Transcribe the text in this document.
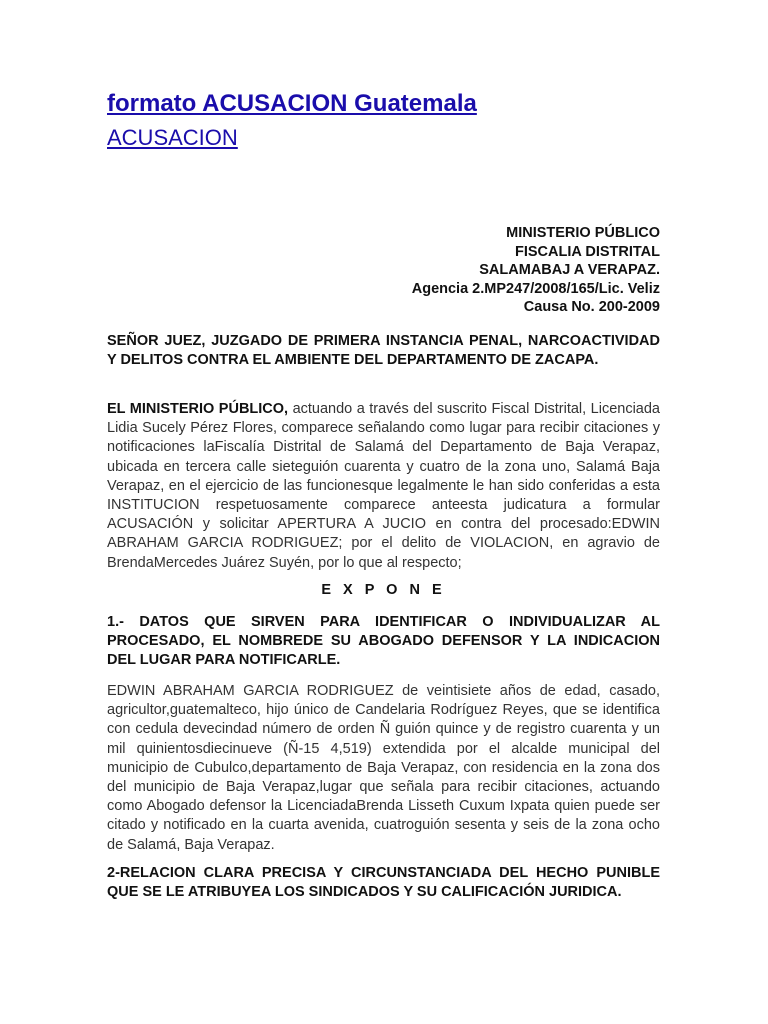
formato ACUSACION Guatemala
ACUSACION
MINISTERIO PÚBLICO
FISCALIA DISTRITAL
SALAMABAJ A VERAPAZ.
Agencia 2.MP247/2008/165/Lic. Veliz
Causa No. 200-2009
SEÑOR JUEZ, JUZGADO DE PRIMERA INSTANCIA PENAL, NARCOACTIVIDAD Y DELITOS CONTRA EL AMBIENTE DEL DEPARTAMENTO DE ZACAPA.
EL MINISTERIO PÚBLICO, actuando a través del suscrito Fiscal Distrital, Licenciada Lidia Sucely Pérez Flores, comparece señalando como lugar para recibir citaciones y notificaciones laFiscalía Distrital de Salamá del Departamento de Baja Verapaz, ubicada en tercera calle sieteguión cuarenta y cuatro de la zona uno, Salamá Baja Verapaz, en el ejercicio de las funcionesque legalmente le han sido conferidas a esta INSTITUCION respetuosamente comparece anteesta judicatura a formular ACUSACIÓN y solicitar APERTURA A JUCIO en contra del procesado:EDWIN ABRAHAM GARCIA RODRIGUEZ; por el delito de VIOLACION, en agravio de BrendaMercedes Juárez Suyén, por lo que al respecto;
E X P O N E
1.- DATOS QUE SIRVEN PARA IDENTIFICAR O INDIVIDUALIZAR AL PROCESADO, EL NOMBREDE SU ABOGADO DEFENSOR Y LA INDICACION DEL LUGAR PARA NOTIFICARLE.
EDWIN ABRAHAM GARCIA RODRIGUEZ de veintisiete años de edad, casado, agricultor,guatemalteco, hijo único de Candelaria Rodríguez Reyes, que se identifica con cedula devecindad número de orden Ñ guión quince y de registro cuarenta y un mil quinientosdiecinueve (Ñ-15 4,519) extendida por el alcalde municipal del municipio de Cubulco,departamento de Baja Verapaz, con residencia en la zona dos del municipio de Baja Verapaz,lugar que señala para recibir citaciones, actuando como Abogado defensor la LicenciadaBrenda Lisseth Cuxum Ixpata quien puede ser citado y notificado en la cuarta avenida, cuatroguión sesenta y seis de la zona ocho de Salamá, Baja Verapaz.
2-RELACION CLARA PRECISA Y CIRCUNSTANCIADA DEL HECHO PUNIBLE QUE SE LE ATRIBUYEA LOS SINDICADOS Y SU CALIFICACIÓN JURIDICA.
